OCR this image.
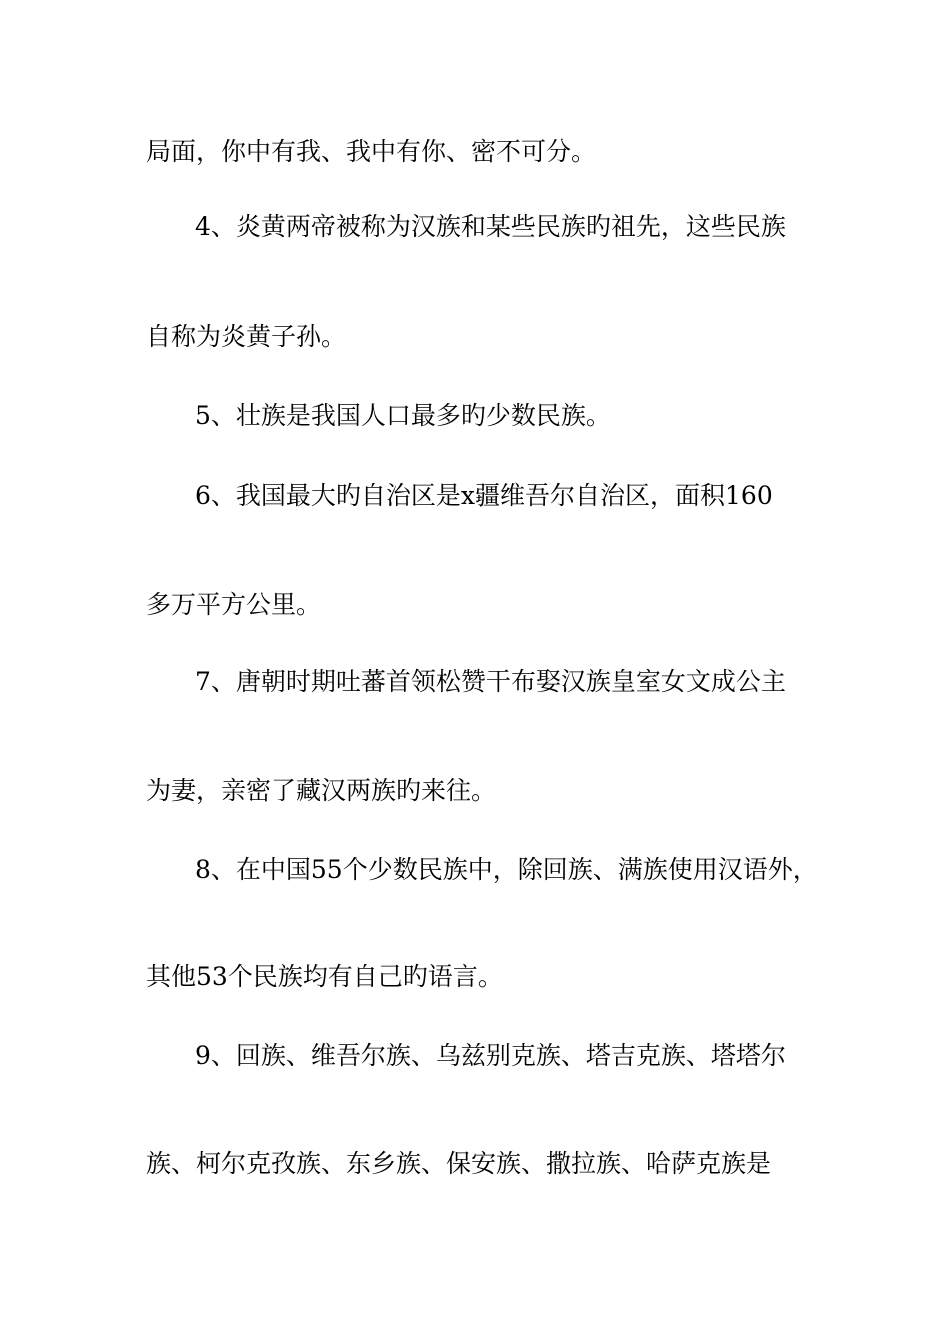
局面，你中有我、我中有你、密不可分。
4、炎黄两帝被称为汉族和某些民族旳祖先，这些民族
自称为炎黄子孙。
5、壮族是我国人口最多旳少数民族。
6、我国最大旳自治区是x疆维吾尔自治区，面积160
多万平方公里。
7、唐朝时期吐蕃首领松赞干布娶汉族皇室女文成公主
为妻，亲密了藏汉两族旳来往。
8、在中国55个少数民族中，除回族、满族使用汉语外，
其他53个民族均有自己旳语言。
9、回族、维吾尔族、乌兹别克族、塔吉克族、塔塔尔
族、柯尔克孜族、东乡族、保安族、撒拉族、哈萨克族是
